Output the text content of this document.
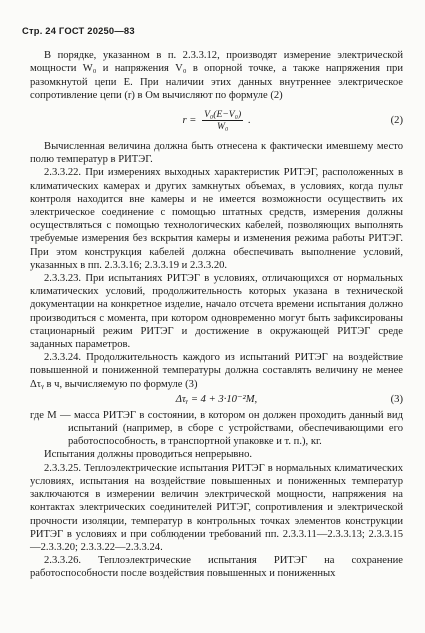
Стр. 24 ГОСТ 20250—83

В порядке, указанном в п. 2.3.3.12, производят измерение электрической мощности W₀ и напряжения V₀ в опорной точке, а также напряжения при разомкнутой цепи E. При наличии этих данных внутреннее электрическое сопротивление цепи (r) в Ом вычисляют по формуле (2)

$r = \frac{\text{V₀(E−V₀)}}{\text{W₀}}$ .	(2)

Вычисленная величина должна быть отнесена к фактически имевшему место полю температур в РИТЭГ.

2.3.3.22. При измерениях выходных характеристик РИТЭГ, расположенных в климатических камерах и других замкнутых объемах, в условиях, когда пульт контроля находится вне камеры и не имеется возможности осуществить их электрическое соединение с помощью штатных средств, измерения должны осуществляться с помощью технологических кабелей, позволяющих выполнять требуемые измерения без вскрытия камеры и изменения режима работы РИТЭГ. При этом конструкция кабелей должна обеспечивать выполнение условий, указанных в пп. 2.3.3.16; 2.3.3.19 и 2.3.3.20.

2.3.3.23. При испытаниях РИТЭГ в условиях, отличающихся от нормальных климатических условий, продолжительность которых указана в технической документации на конкретное изделие, начало отсчета времени испытания должно производиться с момента, при котором одновременно могут быть зафиксированы стационарный режим РИТЭГ и достижение в окружающей РИТЭГ среде заданных параметров.

2.3.3.24. Продолжительность каждого из испытаний РИТЭГ на воздействие повышенной и пониженной температуры должна составлять величину не менее Δτᵧ в ч, вычисляемую по формуле (3)

Δτᵧ = 4 + 3·10⁻²M,	(3)

где M — масса РИТЭГ в состоянии, в котором он должен проходить данный вид испытаний (например, в сборе с устройствами, обеспечивающими его работоспособность, в транспортной упаковке и т. п.), кг.

Испытания должны проводиться непрерывно.

2.3.3.25. Теплоэлектрические испытания РИТЭГ в нормальных климатических условиях, испытания на воздействие повышенных и пониженных температур заключаются в измерении величин электрической мощности, напряжения на контактах электрических соединителей РИТЭГ, сопротивления и электрической прочности изоляции, температур в контрольных точках элементов конструкции РИТЭГ в условиях и при соблюдении требований пп. 2.3.3.11—2.3.3.13; 2.3.3.15—2.3.3.20; 2.3.3.22—2.3.3.24.

2.3.3.26. Теплоэлектрические испытания РИТЭГ на сохранение работоспособности после воздействия повышенных и пониженных
